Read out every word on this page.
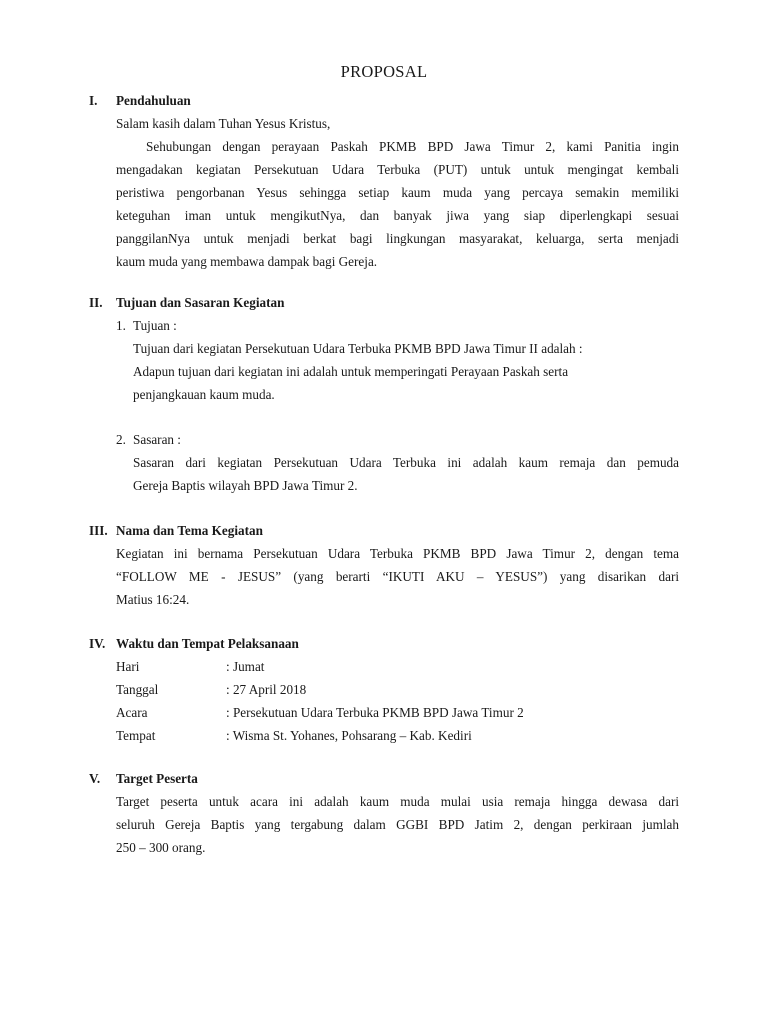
PROPOSAL
I. Pendahuluan
Salam kasih dalam Tuhan Yesus Kristus,
Sehubungan dengan perayaan Paskah PKMB BPD Jawa Timur 2, kami Panitia ingin
mengadakan kegiatan Persekutuan Udara Terbuka (PUT) untuk untuk mengingat kembali
peristiwa pengorbanan Yesus sehingga setiap kaum muda yang percaya semakin memiliki
keteguhan iman untuk mengikutNya, dan banyak jiwa yang siap diperlengkapi sesuai
panggilanNya untuk menjadi berkat bagi lingkungan masyarakat, keluarga, serta menjadi
kaum muda yang membawa dampak bagi Gereja.
II. Tujuan dan Sasaran Kegiatan
1. Tujuan :
Tujuan dari kegiatan Persekutuan Udara Terbuka PKMB BPD Jawa Timur II adalah :
Adapun tujuan dari kegiatan ini adalah untuk memperingati Perayaan Paskah serta
penjangkauan kaum muda.
2. Sasaran :
Sasaran dari kegiatan Persekutuan Udara Terbuka ini adalah kaum remaja dan pemuda
Gereja Baptis wilayah BPD Jawa Timur 2.
III. Nama dan Tema Kegiatan
Kegiatan ini bernama Persekutuan Udara Terbuka PKMB BPD Jawa Timur 2, dengan tema
“FOLLOW ME - JESUS” (yang berarti “IKUTI AKU – YESUS”) yang disarikan dari
Matius 16:24.
IV. Waktu dan Tempat Pelaksanaan
Hari	: Jumat
Tanggal	: 27 April 2018
Acara	: Persekutuan Udara Terbuka PKMB BPD Jawa Timur 2
Tempat	: Wisma St. Yohanes, Pohsarang – Kab. Kediri
V. Target Peserta
Target peserta untuk acara ini adalah kaum muda mulai usia remaja hingga dewasa dari
seluruh Gereja Baptis yang tergabung dalam GGBI BPD Jatim 2, dengan perkiraan jumlah
250 – 300 orang.
